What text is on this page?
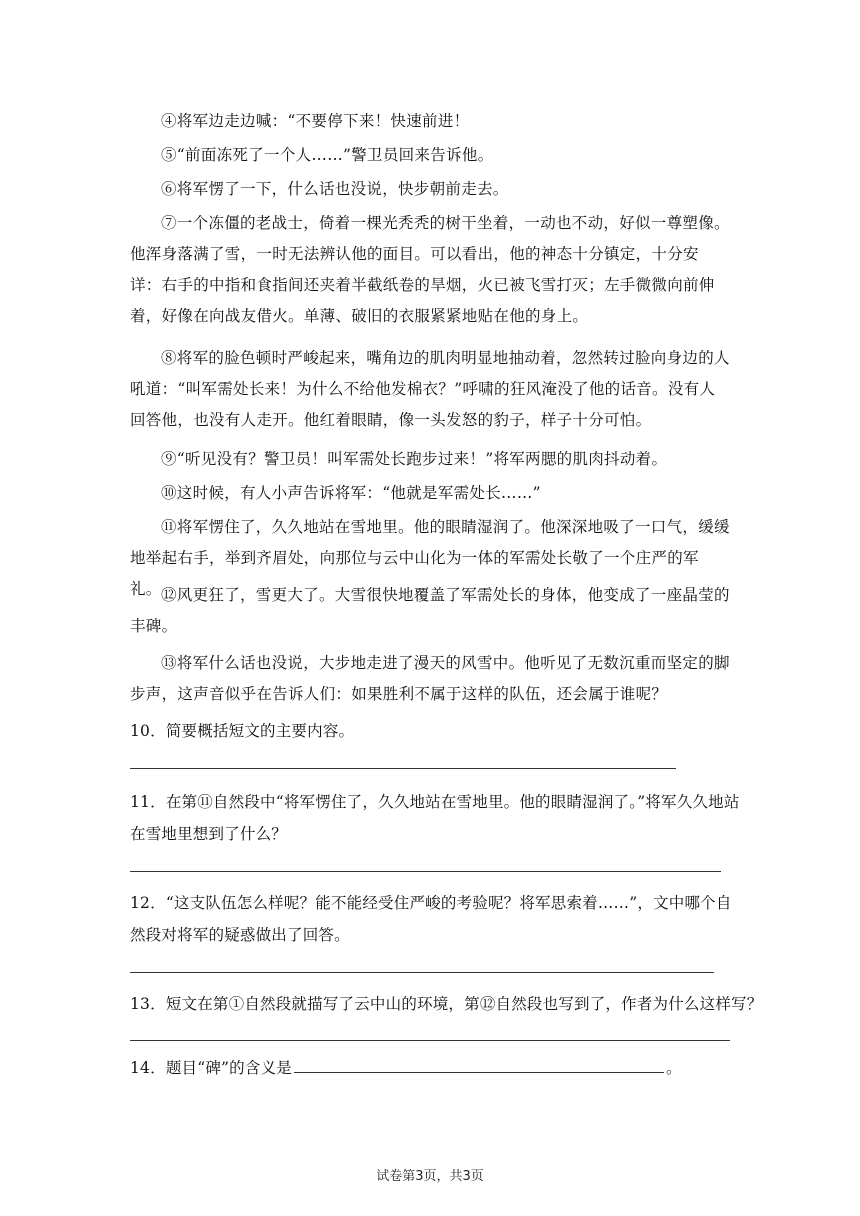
④将军边走边喊：“不要停下来！快速前进！

⑤“前面冻死了一个人……”警卫员回来告诉他。

⑥将军愣了一下，什么话也没说，快步朝前走去。

⑦一个冻僵的老战士，倚着一棵光秃秃的树干坐着，一动也不动，好似一尊塑像。他浑身落满了雪，一时无法辨认他的面目。可以看出，他的神态十分镇定，十分安详：右手的中指和食指间还夹着半截纸卷的旱烟，火已被飞雪打灭；左手微微向前伸着，好像在向战友借火。单薄、破旧的衣服紧紧地贴在他的身上。

⑧将军的脸色顿时严峻起来，嘴角边的肌肉明显地抽动着，忽然转过脸向身边的人吼道：“叫军需处长来！为什么不给他发棉衣？”呼啸的狂风淹没了他的话音。没有人回答他，也没有人走开。他红着眼睛，像一头发怒的豹子，样子十分可怕。

⑨“听见没有？警卫员！叫军需处长跑步过来！”将军两腮的肌肉抖动着。

⑩这时候，有人小声告诉将军：“他就是军需处长……”

⑪将军愣住了，久久地站在雪地里。他的眼睛湿润了。他深深地吸了一口气，缓缓地举起右手，举到齐眉处，向那位与云中山化为一体的军需处长敬了一个庄严的军礼。 ⑫风更狂了，雪更大了。大雪很快地覆盖了军需处长的身体，他变成了一座晶莹的丰碑。

⑬将军什么话也没说，大步地走进了漫天的风雪中。他听见了无数沉重而坚定的脚步声，这声音似乎在告诉人们：如果胜利不属于这样的队伍，还会属于谁呢？

10．简要概括短文的主要内容。

11．在第⑪自然段中“将军愣住了，久久地站在雪地里。他的眼睛湿润了。”将军久久地站在雪地里想到了什么？

12．“这支队伍怎么样呢？能不能经受住严峻的考验呢？将军思索着……”，文中哪个自然段对将军的疑惑做出了回答。

13．短文在第①自然段就描写了云中山的环境，第⑫自然段也写到了，作者为什么这样写？

14．题目“碑”的含义是	。

试卷第3页，共3页
